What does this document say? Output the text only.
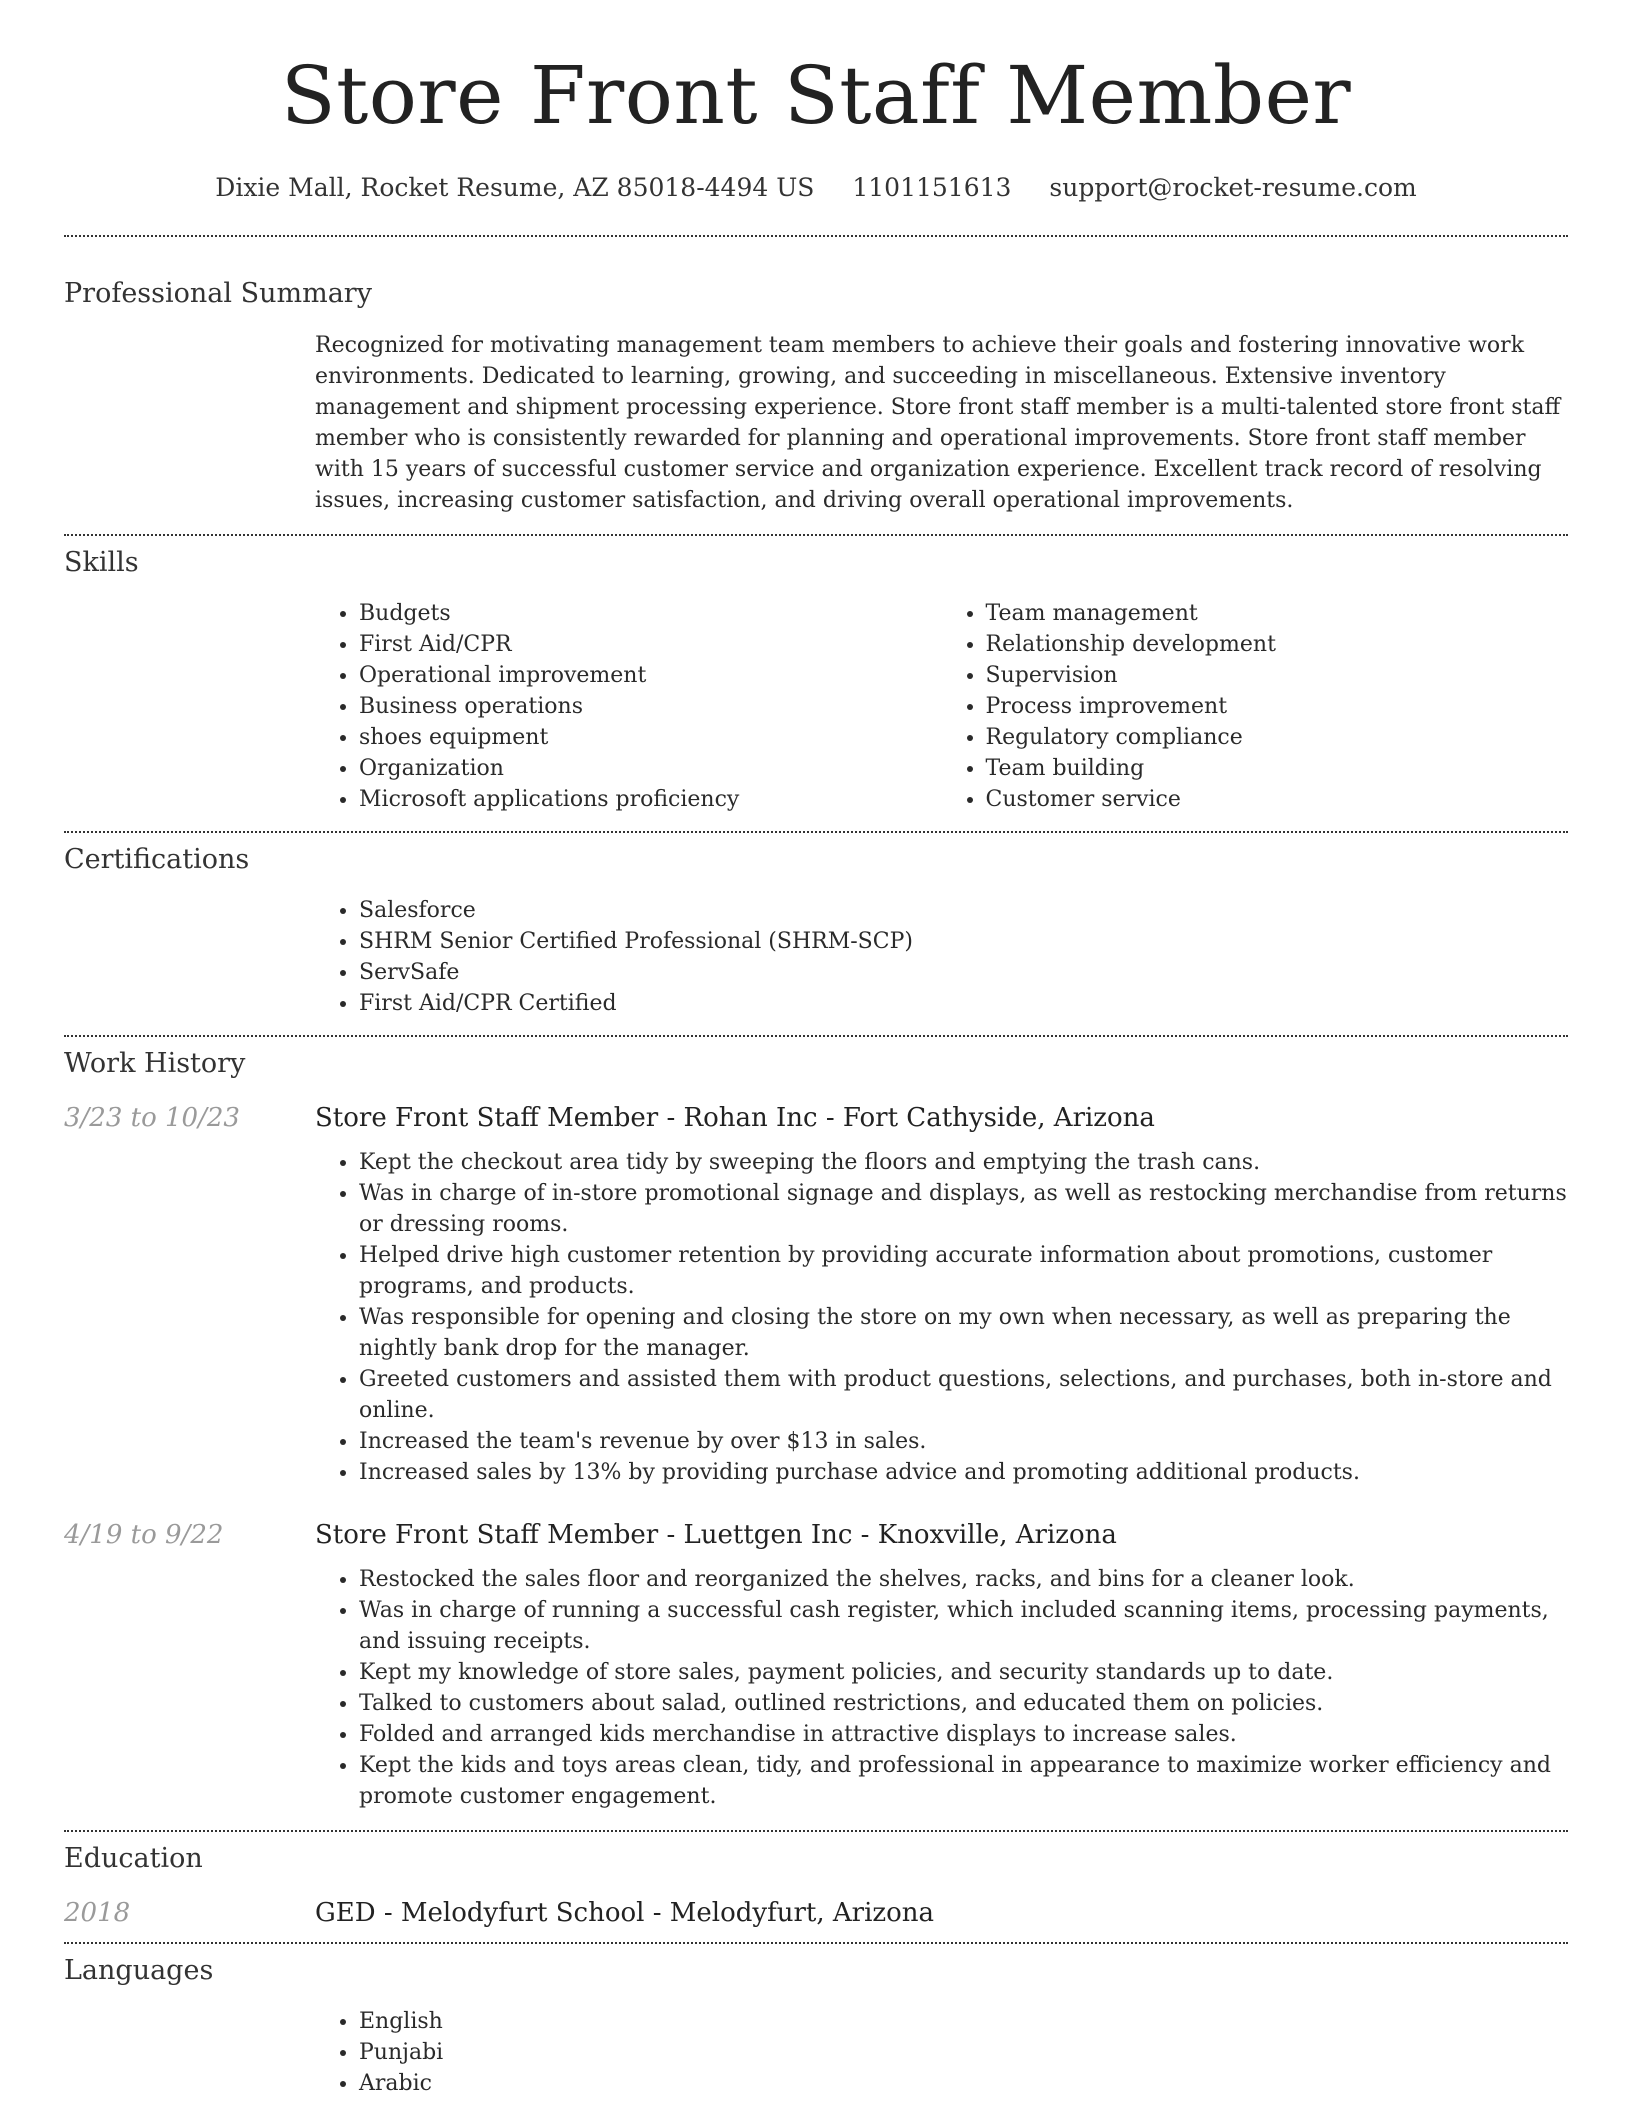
Store Front Staff Member
Dixie Mall, Rocket Resume, AZ 85018-4494 US 1101151613 support@rocket-resume.com
Professional Summary

Recognized for motivating management team members to achieve their goals and fostering innovative work environments. Dedicated to learning, growing, and succeeding in miscellaneous. Extensive inventory management and shipment processing experience. Store front staff member is a multi-talented store front staff member who is consistently rewarded for planning and operational improvements. Store front staff member with 15 years of successful customer service and organization experience. Excellent track record of resolving issues, increasing customer satisfaction, and driving overall operational improvements.

Skills
• Budgets
• First Aid/CPR
• Operational improvement
• Business operations
• shoes equipment
• Organization
• Microsoft applications proficiency
• Team management
• Relationship development
• Supervision
• Process improvement
• Regulatory compliance
• Team building
• Customer service
Certifications
• Salesforce
• SHRM Senior Certified Professional (SHRM-SCP)
• ServSafe
• First Aid/CPR Certified
Work History
3/23 to 10/23	Store Front Staff Member - Rohan Inc - Fort Cathyside, Arizona
• Kept the checkout area tidy by sweeping the floors and emptying the trash cans.
• Was in charge of in-store promotional signage and displays, as well as restocking merchandise from returns or dressing rooms.
• Helped drive high customer retention by providing accurate information about promotions, customer programs, and products.
• Was responsible for opening and closing the store on my own when necessary, as well as preparing the nightly bank drop for the manager.
• Greeted customers and assisted them with product questions, selections, and purchases, both in-store and online.
• Increased the team's revenue by over $13 in sales.
• Increased sales by 13% by providing purchase advice and promoting additional products.
4/19 to 9/22	Store Front Staff Member - Luettgen Inc - Knoxville, Arizona
• Restocked the sales floor and reorganized the shelves, racks, and bins for a cleaner look.
• Was in charge of running a successful cash register, which included scanning items, processing payments, and issuing receipts.
• Kept my knowledge of store sales, payment policies, and security standards up to date.
• Talked to customers about salad, outlined restrictions, and educated them on policies.
• Folded and arranged kids merchandise in attractive displays to increase sales.
• Kept the kids and toys areas clean, tidy, and professional in appearance to maximize worker efficiency and promote customer engagement.
Education
2018	GED - Melodyfurt School - Melodyfurt, Arizona
Languages
• English
• Punjabi
• Arabic
